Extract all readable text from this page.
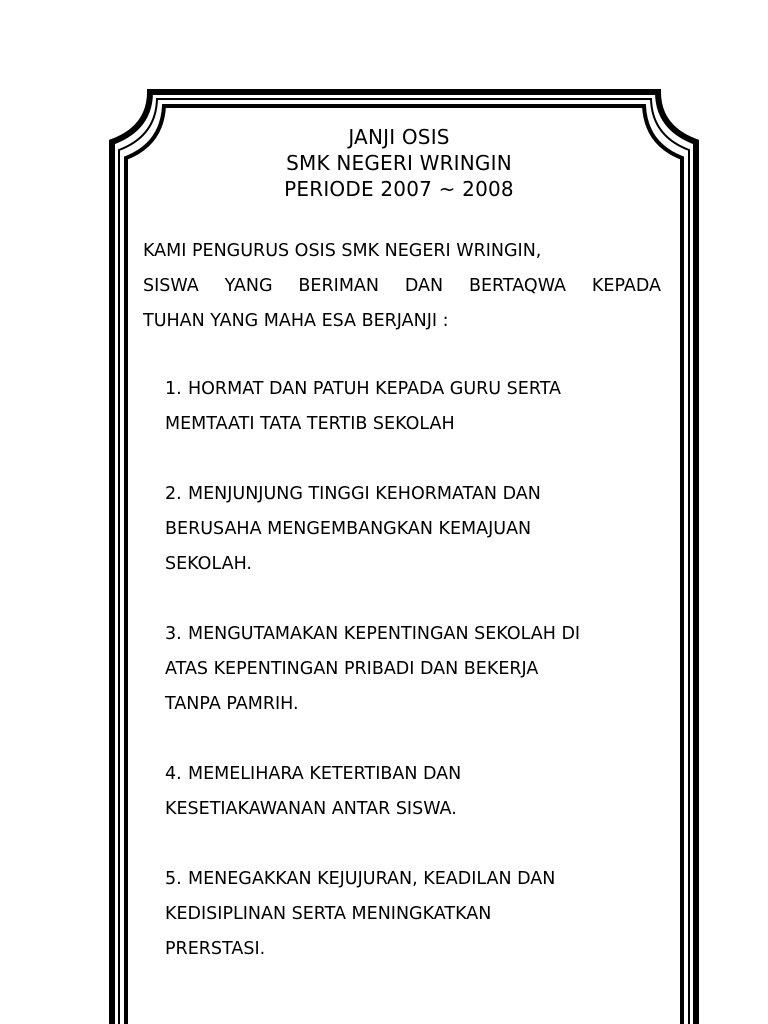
JANJI OSIS
SMK NEGERI WRINGIN
PERIODE 2007 ~ 2008
KAMI PENGURUS OSIS SMK NEGERI WRINGIN,
SISWA YANG BERIMAN DAN BERTAQWA KEPADA
TUHAN YANG MAHA ESA BERJANJI :
1. HORMAT DAN PATUH KEPADA GURU SERTA
MEMTAATI TATA TERTIB SEKOLAH
2. MENJUNJUNG TINGGI KEHORMATAN DAN
BERUSAHA MENGEMBANGKAN KEMAJUAN
SEKOLAH.
3. MENGUTAMAKAN KEPENTINGAN SEKOLAH DI
ATAS KEPENTINGAN PRIBADI DAN BEKERJA
TANPA PAMRIH.
4. MEMELIHARA KETERTIBAN DAN
KESETIAKAWANAN ANTAR SISWA.
5. MENEGAKKAN KEJUJURAN, KEADILAN DAN
KEDISIPLINAN SERTA MENINGKATKAN
PRERSTASI.
